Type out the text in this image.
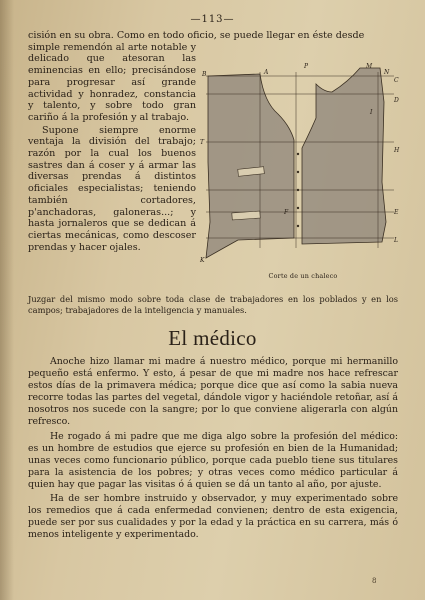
—113—

cisión en su obra. Como en todo oficio, se puede llegar en éste desde

simple remendón al arte notable y delicado que atesoran las eminencias en ello; precisándose para progresar así grande actividad y honradez, constancia y talento, y sobre todo gran cariño á la profesión y al trabajo.

Supone siempre enorme ventaja la división del trabajo; razón por la cual los buenos sastres dan á coser y á armar las diversas prendas á distintos oficiales especialistas; teniendo también cortadores, p'anchadoras, galoneras...; y hasta jornaleros que se dedican á ciertas mecánicas, como descoser prendas y hacer ojales.

B	A
C
N
M
D
I
T
H
E
F
L
K
P
Corte de un chaleco
Juzgar del mismo modo sobre toda clase de trabajadores en los poblados y en los campos; trabajadores de la inteligencia y manuales.
El médico

Anoche hizo llamar mi madre á nuestro médico, porque mi hermanillo pequeño está enfermo. Y esto, á pesar de que mi madre nos hace refrescar estos días de la primavera médica; porque dice que así como la sabia nueva recorre todas las partes del vegetal, dándole vigor y haciéndole retoñar, así á nosotros nos sucede con la sangre; por lo que conviene aligerarla con algún refresco.

He rogado á mi padre que me diga algo sobre la profesión del médico: es un hombre de estudios que ejerce su profesión en bien de la Humanidad; unas veces como funcionario público, porque cada pueblo tiene sus titulares para la asistencia de los pobres; y otras veces como médico particular á quien hay que pagar las visitas ó á quien se dá un tanto al año, por ajuste.

Ha de ser hombre instruido y observador, y muy experimentado sobre los remedios que á cada enfermedad convienen; dentro de esta exigencia, puede ser por sus cualidades y por la edad y la práctica en su carrera, más ó menos inteligente y experimentado.

8
